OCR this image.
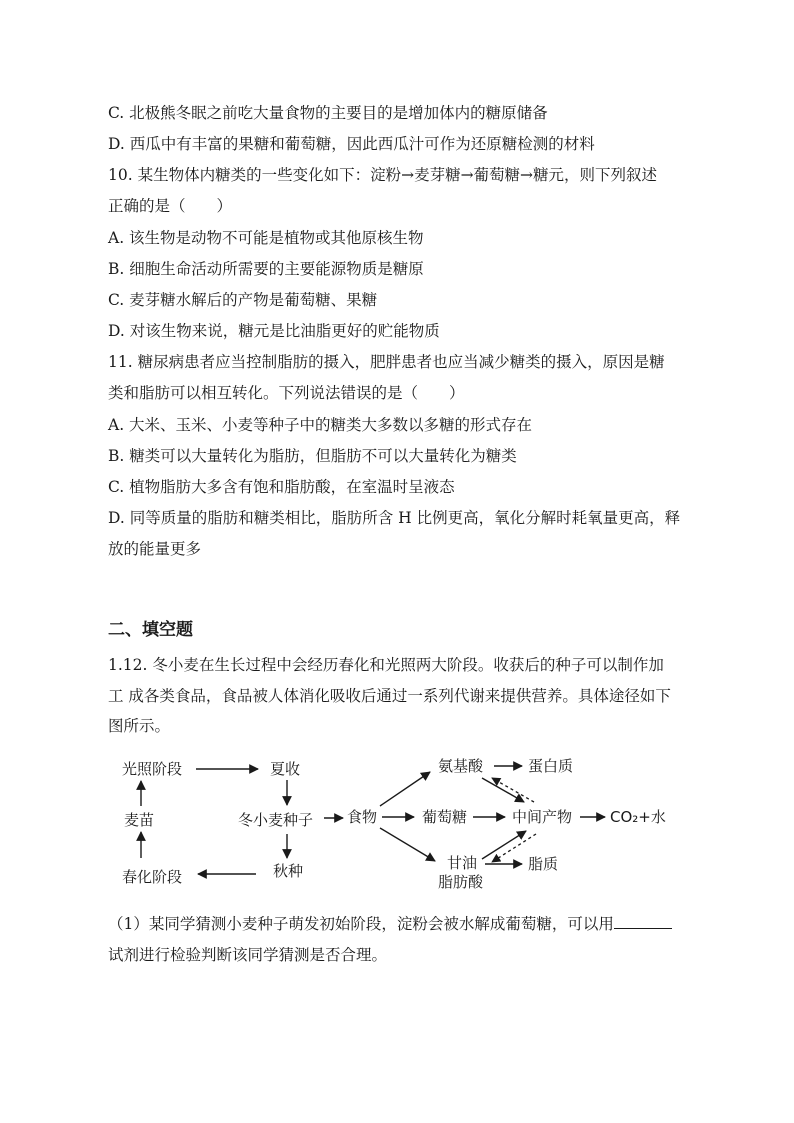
C. 北极熊冬眠之前吃大量食物的主要目的是增加体内的糖原储备
D. 西瓜中有丰富的果糖和葡萄糖，因此西瓜汁可作为还原糖检测的材料
10. 某生物体内糖类的一些变化如下：淀粉→麦芽糖→葡萄糖→糖元，则下列叙述
正确的是（　　）
A. 该生物是动物不可能是植物或其他原核生物
B. 细胞生命活动所需要的主要能源物质是糖原
C. 麦芽糖水解后的产物是葡萄糖、果糖
D. 对该生物来说，糖元是比油脂更好的贮能物质
11. 糖尿病患者应当控制脂肪的摄入，肥胖患者也应当减少糖类的摄入，原因是糖
类和脂肪可以相互转化。下列说法错误的是（　　）
A. 大米、玉米、小麦等种子中的糖类大多数以多糖的形式存在
B. 糖类可以大量转化为脂肪，但脂肪不可以大量转化为糖类
C. 植物脂肪大多含有饱和脂肪酸，在室温时呈液态
D. 同等质量的脂肪和糖类相比，脂肪所含 H 比例更高，氧化分解时耗氧量更高，释
放的能量更多
二、填空题
1.12. 冬小麦在生长过程中会经历春化和光照两大阶段。收获后的种子可以制作加
工 成各类食品，食品被人体消化吸收后通过一系列代谢来提供营养。具体途径如下
图所示。
光照阶段	夏收
麦苗	冬小麦种子 食物
氨基酸	蛋白质
葡萄糖	中间产物	CO₂+水
甘油
脂肪酸
脂质
春化阶段	秋种
（1）某同学猜测小麦种子萌发初始阶段，淀粉会被水解成葡萄糖，可以用
试剂进行检验判断该同学猜测是否合理。
